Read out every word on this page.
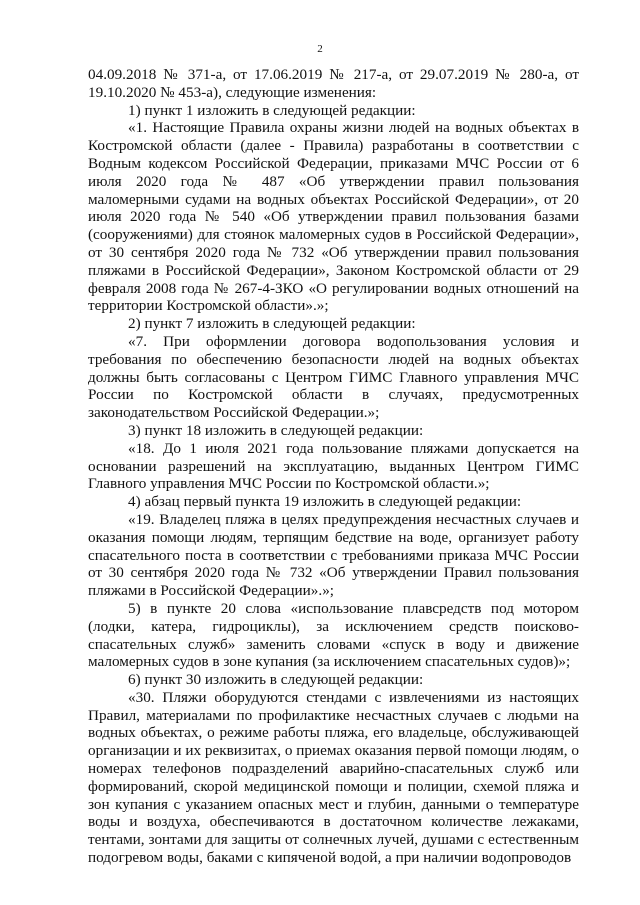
2

04.09.2018 № 371-а, от 17.06.2019 № 217-а, от 29.07.2019 № 280-а, от 19.10.2020 № 453-а), следующие изменения:

1) пункт 1 изложить в следующей редакции:

«1. Настоящие Правила охраны жизни людей на водных объектах в Костромской области (далее - Правила) разработаны в соответствии с Водным кодексом Российской Федерации, приказами МЧС России от 6 июля 2020 года № 487 «Об утверждении правил пользования маломерными судами на водных объектах Российской Федерации», от 20 июля 2020 года № 540 «Об утверждении правил пользования базами (сооружениями) для стоянок маломерных судов в Российской Федерации», от 30 сентября 2020 года № 732 «Об утверждении правил пользования пляжами в Российской Федерации», Законом Костромской области от 29 февраля 2008 года № 267-4-ЗКО «О регулировании водных отношений на территории Костромской области».»;

2) пункт 7 изложить в следующей редакции:

«7. При оформлении договора водопользования условия и требования по обеспечению безопасности людей на водных объектах должны быть согласованы с Центром ГИМС Главного управления МЧС России по Костромской области в случаях, предусмотренных законодательством Российской Федерации.»;

3) пункт 18 изложить в следующей редакции:

«18. До 1 июля 2021 года пользование пляжами допускается на основании разрешений на эксплуатацию, выданных Центром ГИМС Главного управления МЧС России по Костромской области.»;

4) абзац первый пункта 19 изложить в следующей редакции:

«19. Владелец пляжа в целях предупреждения несчастных случаев и оказания помощи людям, терпящим бедствие на воде, организует работу спасательного поста в соответствии с требованиями приказа МЧС России от 30 сентября 2020 года № 732 «Об утверждении Правил пользования пляжами в Российской Федерации».»;

5) в пункте 20 слова «использование плавсредств под мотором (лодки, катера, гидроциклы), за исключением средств поисково-спасательных служб» заменить словами «спуск в воду и движение маломерных судов в зоне купания (за исключением спасательных судов)»;

6) пункт 30 изложить в следующей редакции:

«30. Пляжи оборудуются стендами с извлечениями из настоящих Правил, материалами по профилактике несчастных случаев с людьми на водных объектах, о режиме работы пляжа, его владельце, обслуживающей организации и их реквизитах, о приемах оказания первой помощи людям, о номерах телефонов подразделений аварийно-спасательных служб или формирований, скорой медицинской помощи и полиции, схемой пляжа и зон купания с указанием опасных мест и глубин, данными о температуре воды и воздуха, обеспечиваются в достаточном количестве лежаками, тентами, зонтами для защиты от солнечных лучей, душами с естественным подогревом воды, баками с кипяченой водой, а при наличии водопроводов
